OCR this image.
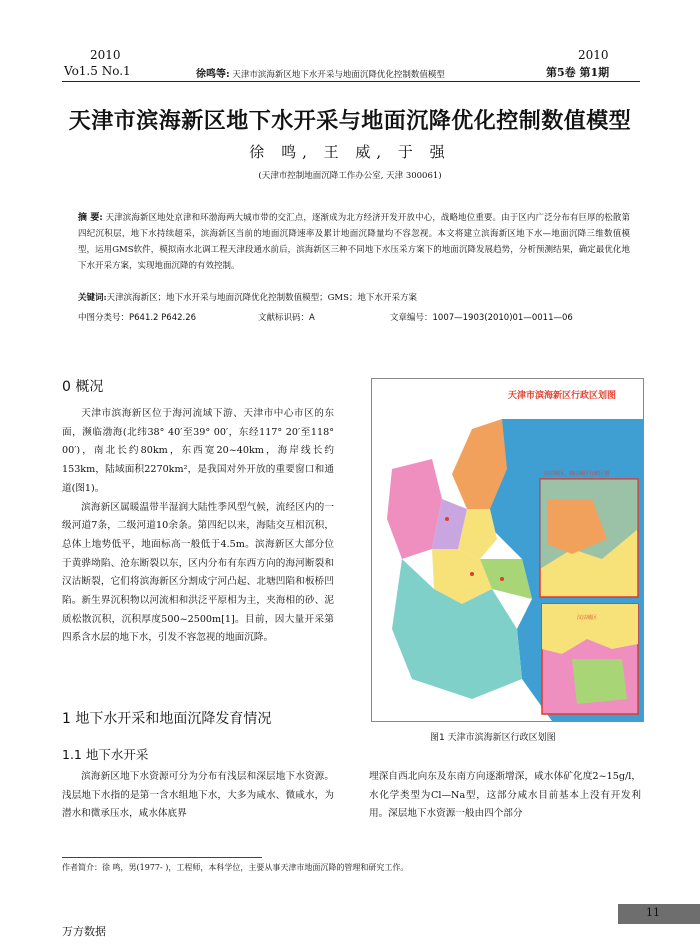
2010
Vo1.5 No.1	徐鸣等: 天津市滨海新区地下水开采与地面沉降优化控制数值模型
2010
第5卷 第1期
天津市滨海新区地下水开采与地面沉降优化控制数值模型
徐 鸣, 王 威, 于 强
(天津市控制地面沉降工作办公室, 天津 300061)
摘 要: 天津滨海新区地处京津和环渤海两大城市带的交汇点，逐渐成为北方经济开发开放中心，战略地位重要。由于区内广泛分布有巨厚的松散第四纪沉积层，地下水持续超采，滨海新区当前的地面沉降速率及累计地面沉降量均不容忽视。本文将建立滨海新区地下水—地面沉降三维数值模型，运用GMS软件，模拟南水北调工程天津段通水前后，滨海新区三种不同地下水压采方案下的地面沉降发展趋势，分析预测结果，确定最优化地下水开采方案，实现地面沉降的有效控制。
关键词:天津滨海新区；地下水开采与地面沉降优化控制数值模型；GMS；地下水开采方案
中图分类号：P641.2 P642.26	文献标识码：A	文章编号：1007—1903(2010)01—0011—06
0 概况

天津市滨海新区位于海河流域下游、天津市中心市区的东面，濒临渤海(北纬38° 40′至39° 00′，东经117° 20′至118° 00′)，南北长约80km，东西宽20~40km，海岸线长约153km，陆域面积2270km²，是我国对外开放的重要窗口和通道(图1)。

滨海新区属暖温带半湿润大陆性季风型气候，流经区内的一级河道7条，二级河道10余条。第四纪以来，海陆交互相沉积，总体上地势低平，地面标高一般低于4.5m。滨海新区大部分位于黄骅坳陷、沧东断裂以东，区内分布有东西方向的海河断裂和汉沽断裂，它们将滨海新区分割成宁河凸起、北塘凹陷和板桥凹陷。新生界沉积物以河流相和洪泛平原相为主，夹海相的砂、泥质松散沉积，沉积厚度500~2500m[1]。目前，因大量开采第四系含水层的地下水，引发不容忽视的地面沉降。

天津市滨海新区行政区划图
汉沽城区、塘沽城区行政区划
汉沽城区
图1 天津市滨海新区行政区划图
1 地下水开采和地面沉降发育情况
1.1 地下水开采

滨海新区地下水资源可分为分布有浅层和深层地下水资源。浅层地下水指的是第一含水组地下水，大多为咸水、微咸水，为潜水和微承压水，咸水体底界

埋深自西北向东及东南方向逐渐增深，咸水体矿化度2~15g/l，水化学类型为Cl—Na型，这部分咸水目前基本上没有开发利用。深层地下水资源一般由四个部分

作者简介：徐 鸣，男(1977- )，工程师，本科学位，主要从事天津市地面沉降的管理和研究工作。
11
万方数据
